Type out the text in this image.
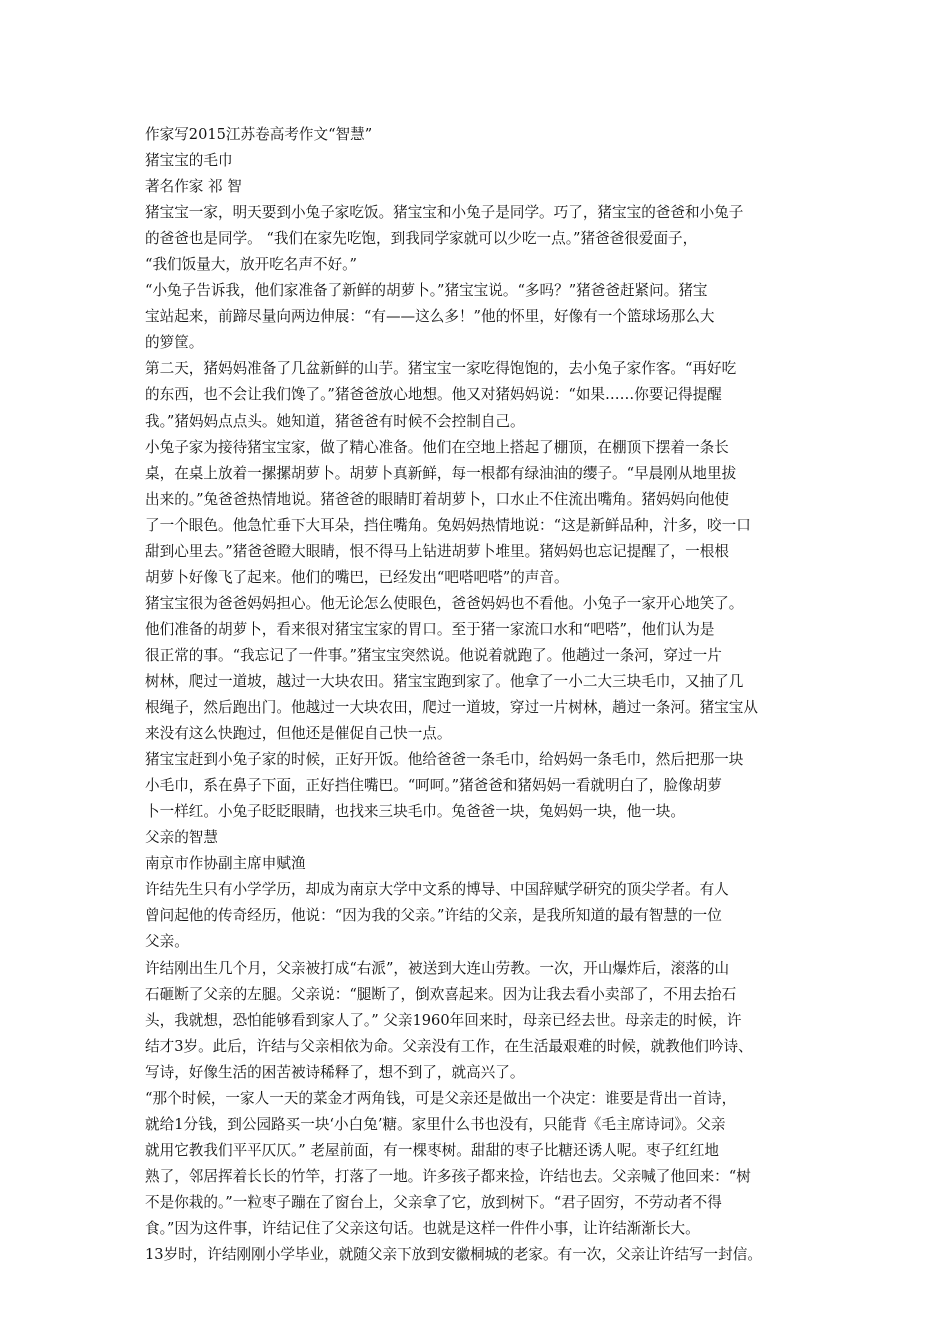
作家写2015江苏卷高考作文“智慧”
猪宝宝的毛巾
著名作家 祁 智
猪宝宝一家，明天要到小兔子家吃饭。猪宝宝和小兔子是同学。巧了，猪宝宝的爸爸和小兔子
的爸爸也是同学。 “我们在家先吃饱，到我同学家就可以少吃一点。”猪爸爸很爱面子，
“我们饭量大，放开吃名声不好。”
“小兔子告诉我，他们家准备了新鲜的胡萝卜。”猪宝宝说。“多吗？”猪爸爸赶紧问。猪宝
宝站起来，前蹄尽量向两边伸展：“有——这么多！”他的怀里，好像有一个篮球场那么大
的箩筐。
第二天，猪妈妈准备了几盆新鲜的山芋。猪宝宝一家吃得饱饱的，去小兔子家作客。“再好吃
的东西，也不会让我们馋了。”猪爸爸放心地想。他又对猪妈妈说：“如果……你要记得提醒
我。”猪妈妈点点头。她知道，猪爸爸有时候不会控制自己。
小兔子家为接待猪宝宝家，做了精心准备。他们在空地上搭起了棚顶，在棚顶下摆着一条长
桌，在桌上放着一摞摞胡萝卜。胡萝卜真新鲜，每一根都有绿油油的缨子。“早晨刚从地里拔
出来的。”兔爸爸热情地说。猪爸爸的眼睛盯着胡萝卜，口水止不住流出嘴角。猪妈妈向他使
了一个眼色。他急忙垂下大耳朵，挡住嘴角。兔妈妈热情地说：“这是新鲜品种，汁多，咬一口
甜到心里去。”猪爸爸瞪大眼睛，恨不得马上钻进胡萝卜堆里。猪妈妈也忘记提醒了，一根根
胡萝卜好像飞了起来。他们的嘴巴，已经发出“吧嗒吧嗒”的声音。
猪宝宝很为爸爸妈妈担心。他无论怎么使眼色，爸爸妈妈也不看他。小兔子一家开心地笑了。
他们准备的胡萝卜，看来很对猪宝宝家的胃口。至于猪一家流口水和“吧嗒”，他们认为是
很正常的事。“我忘记了一件事。”猪宝宝突然说。他说着就跑了。他趟过一条河，穿过一片
树林，爬过一道坡，越过一大块农田。猪宝宝跑到家了。他拿了一小二大三块毛巾，又抽了几
根绳子，然后跑出门。他越过一大块农田，爬过一道坡，穿过一片树林，趟过一条河。猪宝宝从
来没有这么快跑过，但他还是催促自己快一点。
猪宝宝赶到小兔子家的时候，正好开饭。他给爸爸一条毛巾，给妈妈一条毛巾，然后把那一块
小毛巾，系在鼻子下面，正好挡住嘴巴。“呵呵。”猪爸爸和猪妈妈一看就明白了，脸像胡萝
卜一样红。小兔子眨眨眼睛，也找来三块毛巾。兔爸爸一块，兔妈妈一块，他一块。
父亲的智慧
南京市作协副主席申赋渔
许结先生只有小学学历，却成为南京大学中文系的博导、中国辞赋学研究的顶尖学者。有人
曾问起他的传奇经历，他说：“因为我的父亲。”许结的父亲，是我所知道的最有智慧的一位
父亲。
许结刚出生几个月，父亲被打成“右派”，被送到大连山劳教。一次，开山爆炸后，滚落的山
石砸断了父亲的左腿。父亲说：“腿断了，倒欢喜起来。因为让我去看小卖部了，不用去抬石
头，我就想，恐怕能够看到家人了。” 父亲1960年回来时，母亲已经去世。母亲走的时候，许
结才3岁。此后，许结与父亲相依为命。父亲没有工作，在生活最艰难的时候，就教他们吟诗、
写诗，好像生活的困苦被诗稀释了，想不到了，就高兴了。
“那个时候，一家人一天的菜金才两角钱，可是父亲还是做出一个决定：谁要是背出一首诗，
就给1分钱，到公园路买一块‘小白兔’糖。家里什么书也没有，只能背《毛主席诗词》。父亲
就用它教我们平平仄仄。” 老屋前面，有一棵枣树。甜甜的枣子比糖还诱人呢。枣子红红地
熟了，邻居挥着长长的竹竿，打落了一地。许多孩子都来捡，许结也去。父亲喊了他回来：“树
不是你栽的。”一粒枣子蹦在了窗台上，父亲拿了它，放到树下。“君子固穷，不劳动者不得
食。”因为这件事，许结记住了父亲这句话。也就是这样一件件小事，让许结渐渐长大。
13岁时，许结刚刚小学毕业，就随父亲下放到安徽桐城的老家。有一次，父亲让许结写一封信。
